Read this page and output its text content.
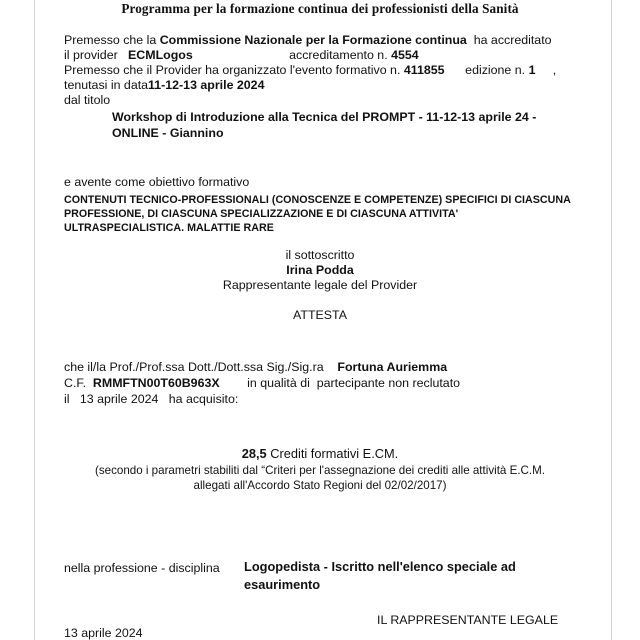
Programma per la formazione continua dei professionisti della Sanità
Premesso che la Commissione Nazionale per la Formazione continua  ha accreditato
il provider ECMLogos	accreditamento n. 4554
Premesso che il Provider ha organizzato l'evento formativo n. 411855 edizione n. 1 ,
tenutasi in data11-12-13 aprile 2024
dal titolo
Workshop di Introduzione alla Tecnica del PROMPT - 11-12-13 aprile 24 - ONLINE - Giannino
e avente come obiettivo formativo
CONTENUTI TECNICO-PROFESSIONALI (CONOSCENZE E COMPETENZE) SPECIFICI DI CIASCUNA PROFESSIONE, DI CIASCUNA SPECIALIZZAZIONE E DI CIASCUNA ATTIVITA' ULTRASPECIALISTICA. MALATTIE RARE
il sottoscritto
Irina Podda
Rappresentante legale del Provider
ATTESTA
che il/la Prof./Prof.ssa Dott./Dott.ssa Sig./Sig.ra Fortuna Auriemma
C.F. RMMFTN00T60B963X in qualità di partecipante non reclutato
il 13 aprile 2024 ha acquisito:
28,5 Crediti formativi E.CM.
(secondo i parametri stabiliti dal “Criteri per l'assegnazione dei crediti alle attività E.C.M.
allegati all'Accordo Stato Regioni del 02/02/2017)
nella professione - disciplina Logopedista - Iscritto nell'elenco speciale ad esaurimento
13 aprile 2024
IL RAPPRESENTANTE LEGALE
